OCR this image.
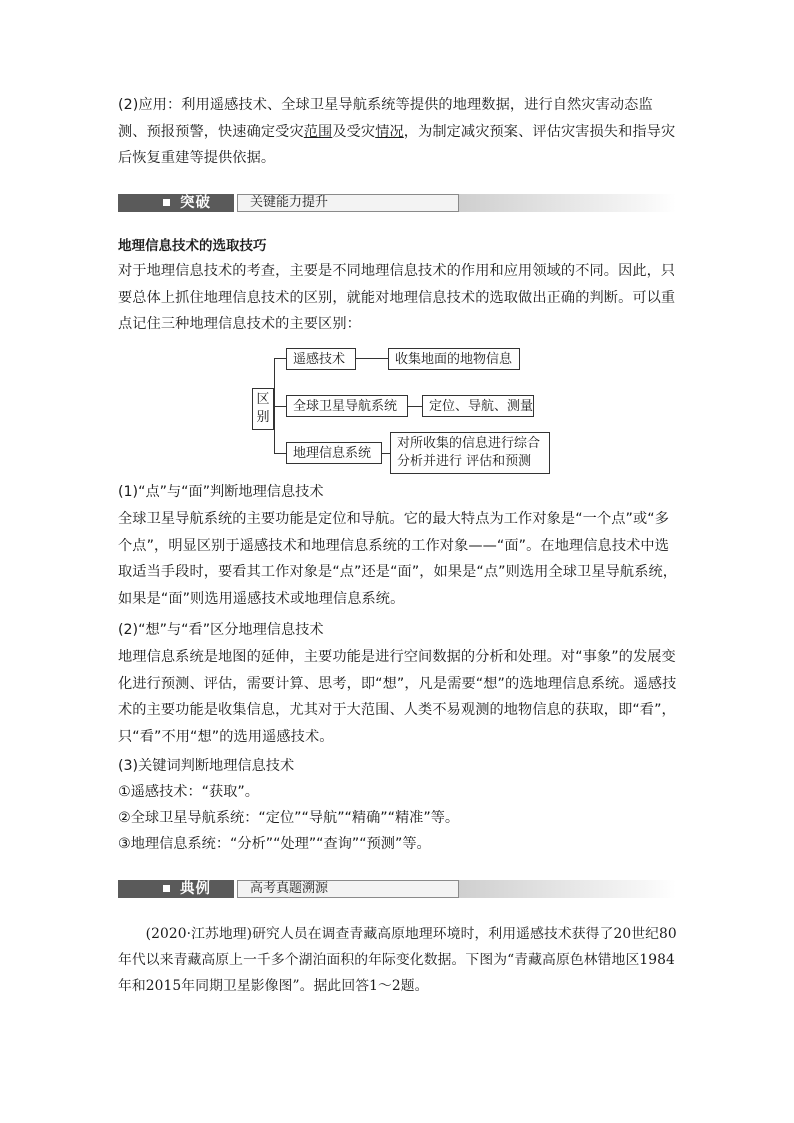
(2)应用：利用遥感技术、全球卫星导航系统等提供的地理数据，进行自然灾害动态监测、预报预警，快速确定受灾范围及受灾情况，为制定减灾预案、评估灾害损失和指导灾后恢复重建等提供依据。

突破	关键能力提升
地理信息技术的选取技巧

对于地理信息技术的考查，主要是不同地理信息技术的作用和应用领域的不同。因此，只要总体上抓住地理信息技术的区别，就能对地理信息技术的选取做出正确的判断。可以重点记住三种地理信息技术的主要区别：

区别
遥感技术	收集地面的地物信息
全球卫星导航系统	定位、导航、测量
地理信息系统
对所收集的信息进行综合
分析并进行 评估和预测
(1)“点”与“面”判断地理信息技术

全球卫星导航系统的主要功能是定位和导航。它的最大特点为工作对象是“一个点”或“多个点”，明显区别于遥感技术和地理信息系统的工作对象——“面”。在地理信息技术中选取适当手段时，要看其工作对象是“点”还是“面”，如果是“点”则选用全球卫星导航系统，如果是“面”则选用遥感技术或地理信息系统。

(2)“想”与“看”区分地理信息技术

地理信息系统是地图的延伸，主要功能是进行空间数据的分析和处理。对“事象”的发展变化进行预测、评估，需要计算、思考，即“想”，凡是需要“想”的选地理信息系统。遥感技术的主要功能是收集信息，尤其对于大范围、人类不易观测的地物信息的获取，即“看”，只“看”不用“想”的选用遥感技术。

(3)关键词判断地理信息技术
①遥感技术：“获取”。
②全球卫星导航系统：“定位”“导航”“精确”“精准”等。
③地理信息系统：“分析”“处理”“查询”“预测”等。
典例	高考真题溯源

(2020·江苏地理)研究人员在调查青藏高原地理环境时，利用遥感技术获得了20世纪80年代以来青藏高原上一千多个湖泊面积的年际变化数据。下图为“青藏高原色林错地区1984年和2015年同期卫星影像图”。据此回答1～2题。
